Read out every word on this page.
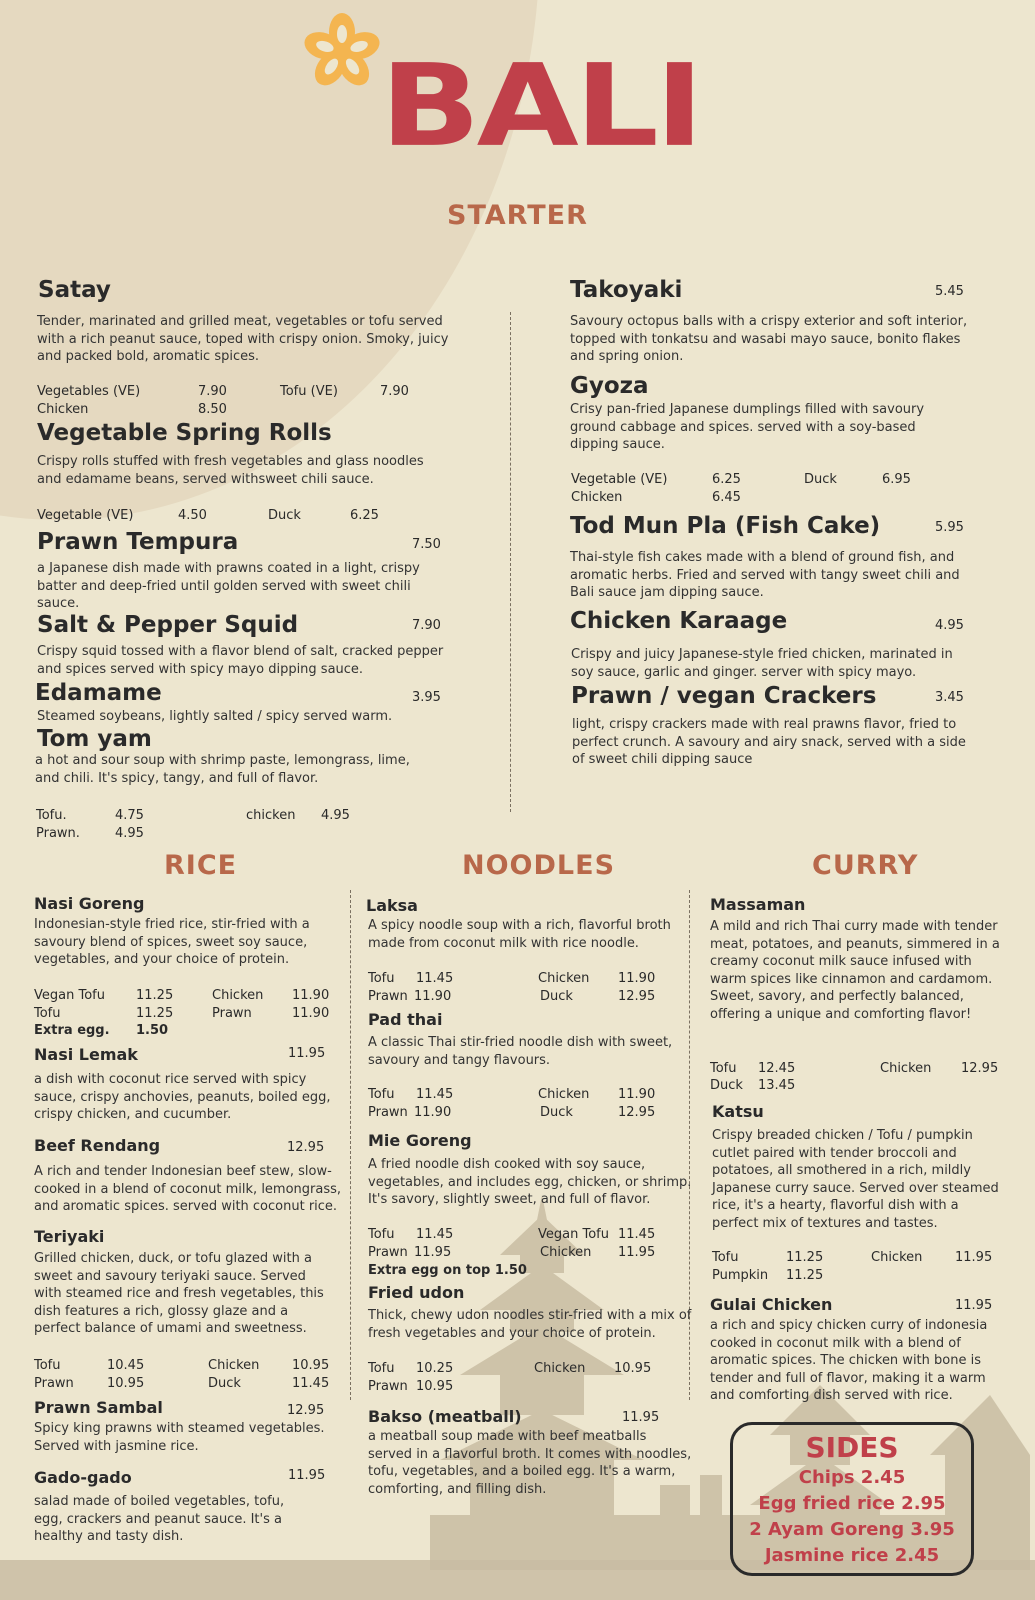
BALI
STARTER
Satay
Tender, marinated and grilled meat, vegetables or tofu served with a rich peanut sauce, toped with crispy onion. Smoky, juicy and packed bold, aromatic spices.
Vegetables (VE)	7.90	Tofu (VE)	7.90
Chicken	8.50
Vegetable Spring Rolls
Crispy rolls stuffed with fresh vegetables and glass noodles and edamame beans, served withsweet chili sauce.
Vegetable (VE)	4.50	Duck	6.25
Prawn Tempura	7.50
a Japanese dish made with prawns coated in a light, crispy batter and deep-fried until golden served with sweet chili sauce.
Salt & Pepper Squid	7.90
Crispy squid tossed with a flavor blend of salt, cracked pepper and spices served with spicy mayo dipping sauce.
Edamame	3.95
Steamed soybeans, lightly salted / spicy served warm.
Tom yam
a hot and sour soup with shrimp paste, lemongrass, lime, and chili. It's spicy, tangy, and full of flavor.
Tofu.	4.75	chicken 4.95
Prawn.	4.95
Takoyaki	5.45
Savoury octopus balls with a crispy exterior and soft interior, topped with tonkatsu and wasabi mayo sauce, bonito flakes and spring onion.
Gyoza
Crisy pan-fried Japanese dumplings filled with savoury ground cabbage and spices. served with a soy-based dipping sauce.
Vegetable (VE)	6.25	Duck	6.95
Chicken	6.45
Tod Mun Pla (Fish Cake)	5.95
Thai-style fish cakes made with a blend of ground fish, and aromatic herbs. Fried and served with tangy sweet chili and Bali sauce jam dipping sauce.
Chicken Karaage	4.95
Crispy and juicy Japanese-style fried chicken, marinated in soy sauce, garlic and ginger. server with spicy mayo.
Prawn / vegan Crackers	3.45
light, crispy crackers made with real prawns flavor, fried to perfect crunch. A savoury and airy snack, served with a side of sweet chili dipping sauce
RICE	NOODLES	CURRY
Nasi Goreng
Indonesian-style fried rice, stir-fried with a savoury blend of spices, sweet soy sauce, vegetables, and your choice of protein.
Vegan Tofu 11.25	Chicken 11.90
Tofu	11.25	Prawn	11.90
Extra egg. 1.50
Nasi Lemak	11.95
a dish with coconut rice served with spicy sauce, crispy anchovies, peanuts, boiled egg, crispy chicken, and cucumber.
Beef Rendang	12.95
A rich and tender Indonesian beef stew, slow-cooked in a blend of coconut milk, lemongrass, and aromatic spices. served with coconut rice.
Teriyaki
Grilled chicken, duck, or tofu glazed with a sweet and savoury teriyaki sauce. Served with steamed rice and fresh vegetables, this dish features a rich, glossy glaze and a perfect balance of umami and sweetness.
Tofu	10.45	Chicken	10.95
Prawn	10.95	Duck	11.45
Prawn Sambal	12.95
Spicy king prawns with steamed vegetables. Served with jasmine rice.
Gado-gado	11.95
salad made of boiled vegetables, tofu, egg, crackers and peanut sauce. It's a healthy and tasty dish.
Laksa
A spicy noodle soup with a rich, flavorful broth made from coconut milk with rice noodle.
Tofu 11.45	Chicken 11.90
Prawn 11.90	Duck	12.95
Pad thai
A classic Thai stir-fried noodle dish with sweet, savoury and tangy flavours.
Tofu 11.45	Chicken 11.90
Prawn 11.90	Duck	12.95
Mie Goreng
A fried noodle dish cooked with soy sauce, vegetables, and includes egg, chicken, or shrimp. It's savory, slightly sweet, and full of flavor.
Tofu 11.45	Vegan Tofu 11.45
Prawn 11.95	Chicken 11.95
Extra egg on top 1.50
Fried udon
Thick, chewy udon noodles stir-fried with a mix of fresh vegetables and your choice of protein.
Tofu 10.25	Chicken 10.95
Prawn 10.95
Bakso (meatball)	11.95
a meatball soup made with beef meatballs served in a flavorful broth. It comes with noodles, tofu, vegetables, and a boiled egg. It's a warm, comforting, and filling dish.
Massaman
A mild and rich Thai curry made with tender meat, potatoes, and peanuts, simmered in a creamy coconut milk sauce infused with warm spices like cinnamon and cardamom. Sweet, savory, and perfectly balanced, offering a unique and comforting flavor!
Tofu 12.45	Chicken 12.95
Duck 13.45
Katsu
Crispy breaded chicken / Tofu / pumpkin cutlet paired with tender broccoli and potatoes, all smothered in a rich, mildly Japanese curry sauce. Served over steamed rice, it's a hearty, flavorful dish with a perfect mix of textures and tastes.
Tofu	11.25	Chicken	11.95
Pumpkin 11.25
Gulai Chicken	11.95
a rich and spicy chicken curry of indonesia cooked in coconut milk with a blend of aromatic spices. The chicken with bone is tender and full of flavor, making it a warm and comforting dish served with rice.
SIDES
Chips 2.45
Egg fried rice 2.95
2 Ayam Goreng 3.95
Jasmine rice 2.45
